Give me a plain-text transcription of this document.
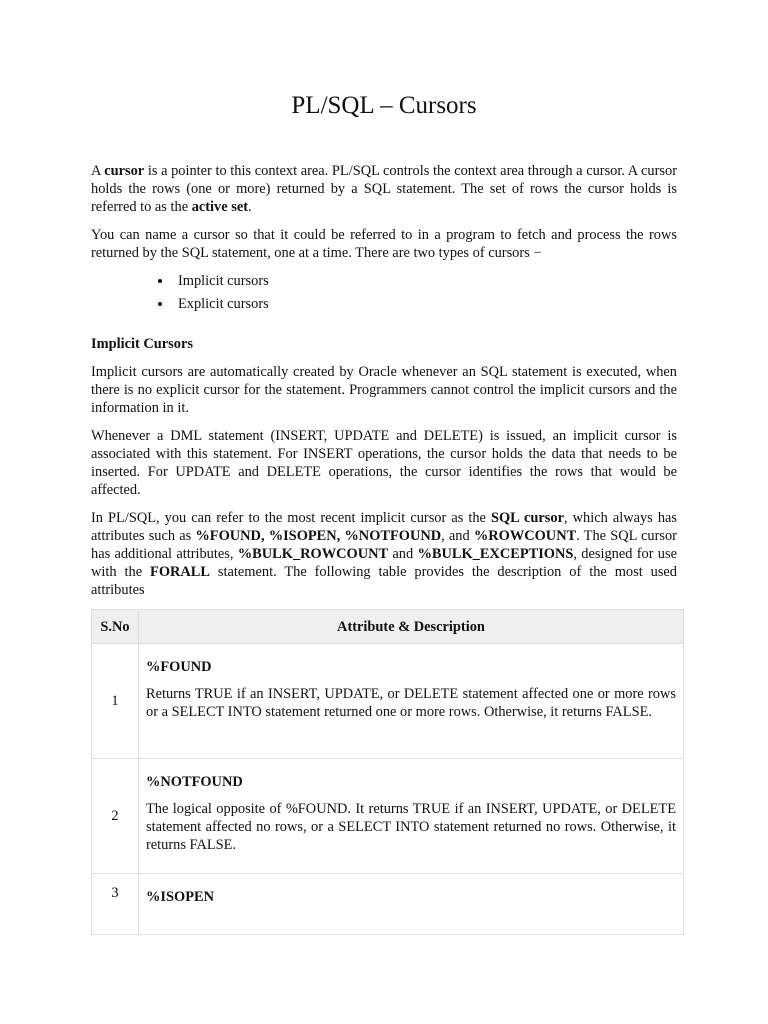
PL/SQL – Cursors

A cursor is a pointer to this context area. PL/SQL controls the context area through a cursor. A cursor holds the rows (one or more) returned by a SQL statement. The set of rows the cursor holds is referred to as the active set.

You can name a cursor so that it could be referred to in a program to fetch and process the rows returned by the SQL statement, one at a time. There are two types of cursors −

Implicit cursors
Explicit cursors
Implicit Cursors

Implicit cursors are automatically created by Oracle whenever an SQL statement is executed, when there is no explicit cursor for the statement. Programmers cannot control the implicit cursors and the information in it.

Whenever a DML statement (INSERT, UPDATE and DELETE) is issued, an implicit cursor is associated with this statement. For INSERT operations, the cursor holds the data that needs to be inserted. For UPDATE and DELETE operations, the cursor identifies the rows that would be affected.

In PL/SQL, you can refer to the most recent implicit cursor as the SQL cursor, which always has attributes such as %FOUND, %ISOPEN, %NOTFOUND, and %ROWCOUNT. The SQL cursor has additional attributes, %BULK_ROWCOUNT and %BULK_EXCEPTIONS, designed for use with the FORALL statement. The following table provides the description of the most used attributes

S.No	Attribute & Description
1	%FOUND

Returns TRUE if an INSERT, UPDATE, or DELETE statement affected one or more rows or a SELECT INTO statement returned one or more rows. Otherwise, it returns FALSE.

2	%NOTFOUND

The logical opposite of %FOUND. It returns TRUE if an INSERT, UPDATE, or DELETE statement affected no rows, or a SELECT INTO statement returned no rows. Otherwise, it returns FALSE.

3	%ISOPEN
